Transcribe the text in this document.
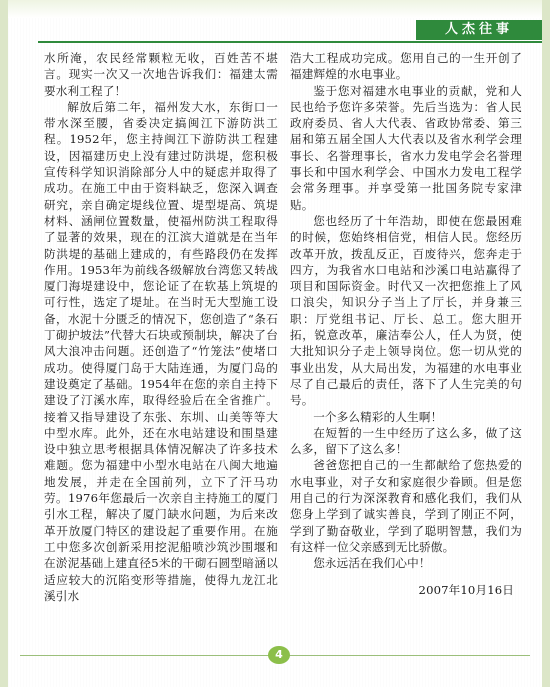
人杰往事

水所淹，农民经常颗粒无收，百姓苦不堪言。现实一次又一次地告诉我们：福建太需要水利工程了！

解放后第二年，福州发大水，东街口一带水深至腰，省委决定搞闽江下游防洪工程。1952年，您主持闽江下游防洪工程建设，因福建历史上没有建过防洪堤，您积极宣传科学知识消除部分人中的疑虑并取得了成功。在施工中由于资料缺乏，您深入调查研究，亲自确定堤线位置、堤型堤高、筑堤材料、涵闸位置数量，使福州防洪工程取得了显著的效果，现在的江滨大道就是在当年防洪堤的基础上建成的，有些路段仍在发挥作用。1953年为前线各级解放台湾您又转战厦门海堤建设中，您论证了在软基上筑堤的可行性，选定了堤址。在当时无大型施工设备，水泥十分匮乏的情况下，您创造了“条石丁砌护坡法”代替大石块或预制块，解决了台风大浪冲击问题。还创造了“竹笼法”使堵口成功。使得厦门岛于大陆连通，为厦门岛的建设奠定了基础。1954年在您的亲自主持下建设了汀溪水库，取得经验后在全省推广。接着又指导建设了东张、东圳、山美等等大中型水库。此外，还在水电站建设和围垦建设中独立思考根据具体情况解决了许多技术难题。您为福建中小型水电站在八闽大地遍地发展，并走在全国前列，立下了汗马功劳。1976年您最后一次亲自主持施工的厦门引水工程，解决了厦门缺水问题，为后来改革开放厦门特区的建设起了重要作用。在施工中您多次创新采用挖泥船喷沙筑沙围堰和在淤泥基础上建直径5米的干砌石圆型暗涵以适应较大的沉陷变形等措施，使得九龙江北溪引水

浩大工程成功完成。您用自己的一生开创了福建辉煌的水电事业。

鉴于您对福建水电事业的贡献，党和人民也给予您许多荣誉。先后当选为：省人民政府委员、省人大代表、省政协常委、第三届和第五届全国人大代表以及省水利学会理事长、名誉理事长，省水力发电学会名誉理事长和中国水利学会、中国水力发电工程学会常务理事。并享受第一批国务院专家津贴。

您也经历了十年浩劫，即使在您最困难的时候，您始终相信党，相信人民。您经历改革开放，拨乱反正，百废待兴，您奔走于四方，为我省水口电站和沙溪口电站赢得了项目和国际资金。时代又一次把您推上了风口浪尖，知识分子当上了厅长，并身兼三职：厅党组书记、厅长、总工。您大胆开拓，锐意改革，廉洁奉公人，任人为贤，使大批知识分子走上领导岗位。您一切从党的事业出发，从大局出发，为福建的水电事业尽了自己最后的责任，落下了人生完美的句号。

一个多么精彩的人生啊！

在短暂的一生中经历了这么多，做了这么多，留下了这么多！

爸爸您把自己的一生都献给了您热爱的水电事业，对子女和家庭很少眷顾。但是您用自己的行为深深教育和感化我们，我们从您身上学到了诚实善良，学到了刚正不阿，学到了勤奋敬业，学到了聪明智慧，我们为有这样一位父亲感到无比骄傲。

您永远活在我们心中！

2007年10月16日

4
